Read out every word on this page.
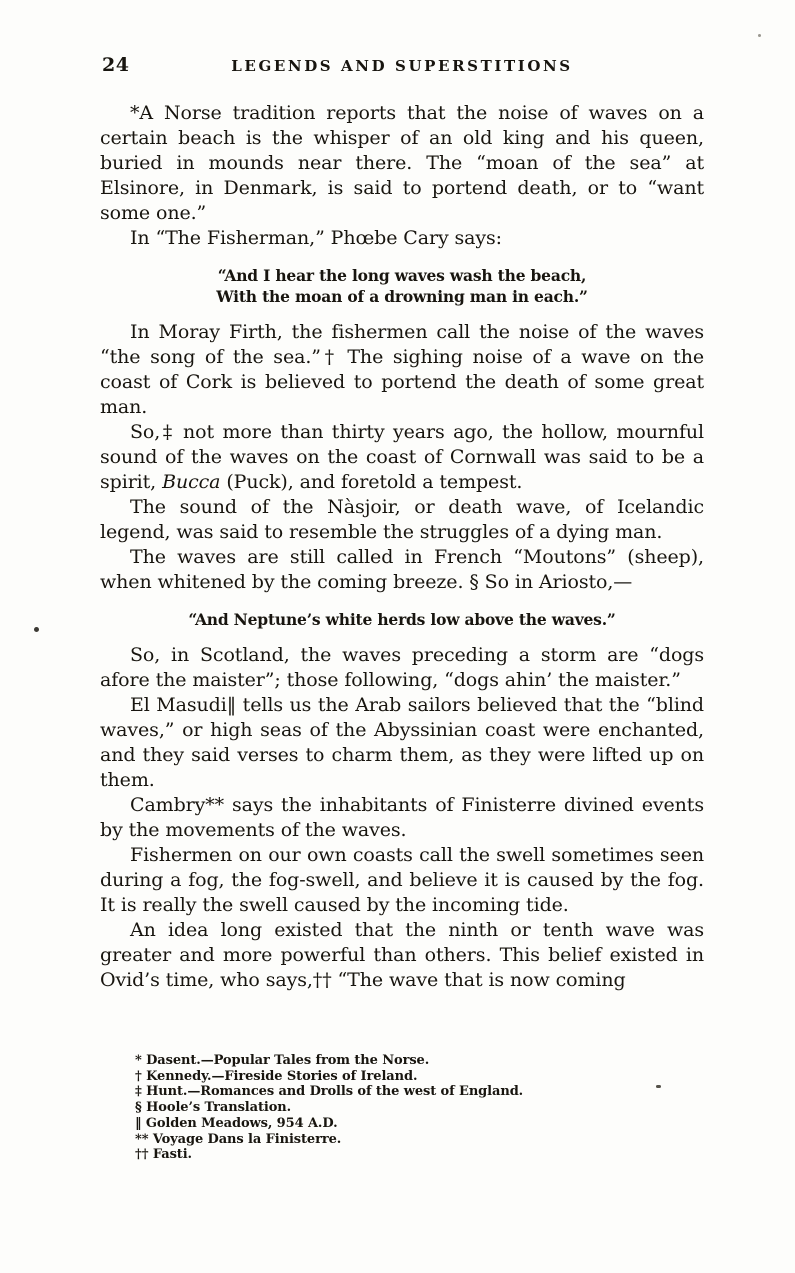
24	LEGENDS AND SUPERSTITIONS

*A Norse tradition reports that the noise of waves on a certain beach is the whisper of an old king and his queen, buried in mounds near there. The “moan of the sea” at Elsinore, in Denmark, is said to portend death, or to “want some one.”

In “The Fisherman,” Phœbe Cary says:

“And I hear the long waves wash the beach,
With the moan of a drowning man in each.”

In Moray Firth, the fishermen call the noise of the waves “the song of the sea.”† The sighing noise of a wave on the coast of Cork is believed to portend the death of some great man.

So,‡ not more than thirty years ago, the hollow, mournful sound of the waves on the coast of Cornwall was said to be a spirit, Bucca (Puck), and foretold a tempest.

The sound of the Nàsjoir, or death wave, of Icelandic legend, was said to resemble the struggles of a dying man.

The waves are still called in French “Moutons” (sheep), when whitened by the coming breeze. § So in Ariosto,—

“And Neptune’s white herds low above the waves.”

So, in Scotland, the waves preceding a storm are “dogs afore the maister”; those following, “dogs ahin’ the maister.”

El Masudi‖ tells us the Arab sailors believed that the “blind waves,” or high seas of the Abyssinian coast were enchanted, and they said verses to charm them, as they were lifted up on them.

Cambry** says the inhabitants of Finisterre divined events by the movements of the waves.

Fishermen on our own coasts call the swell sometimes seen during a fog, the fog-swell, and believe it is caused by the fog. It is really the swell caused by the incoming tide.

An idea long existed that the ninth or tenth wave was greater and more powerful than others. This belief existed in Ovid’s time, who says,†† “The wave that is now coming

* Dasent.—Popular Tales from the Norse.
† Kennedy.—Fireside Stories of Ireland.
‡ Hunt.—Romances and Drolls of the west of England.
§ Hoole’s Translation.
‖ Golden Meadows, 954 A.D.
** Voyage Dans la Finisterre.
†† Fasti.
